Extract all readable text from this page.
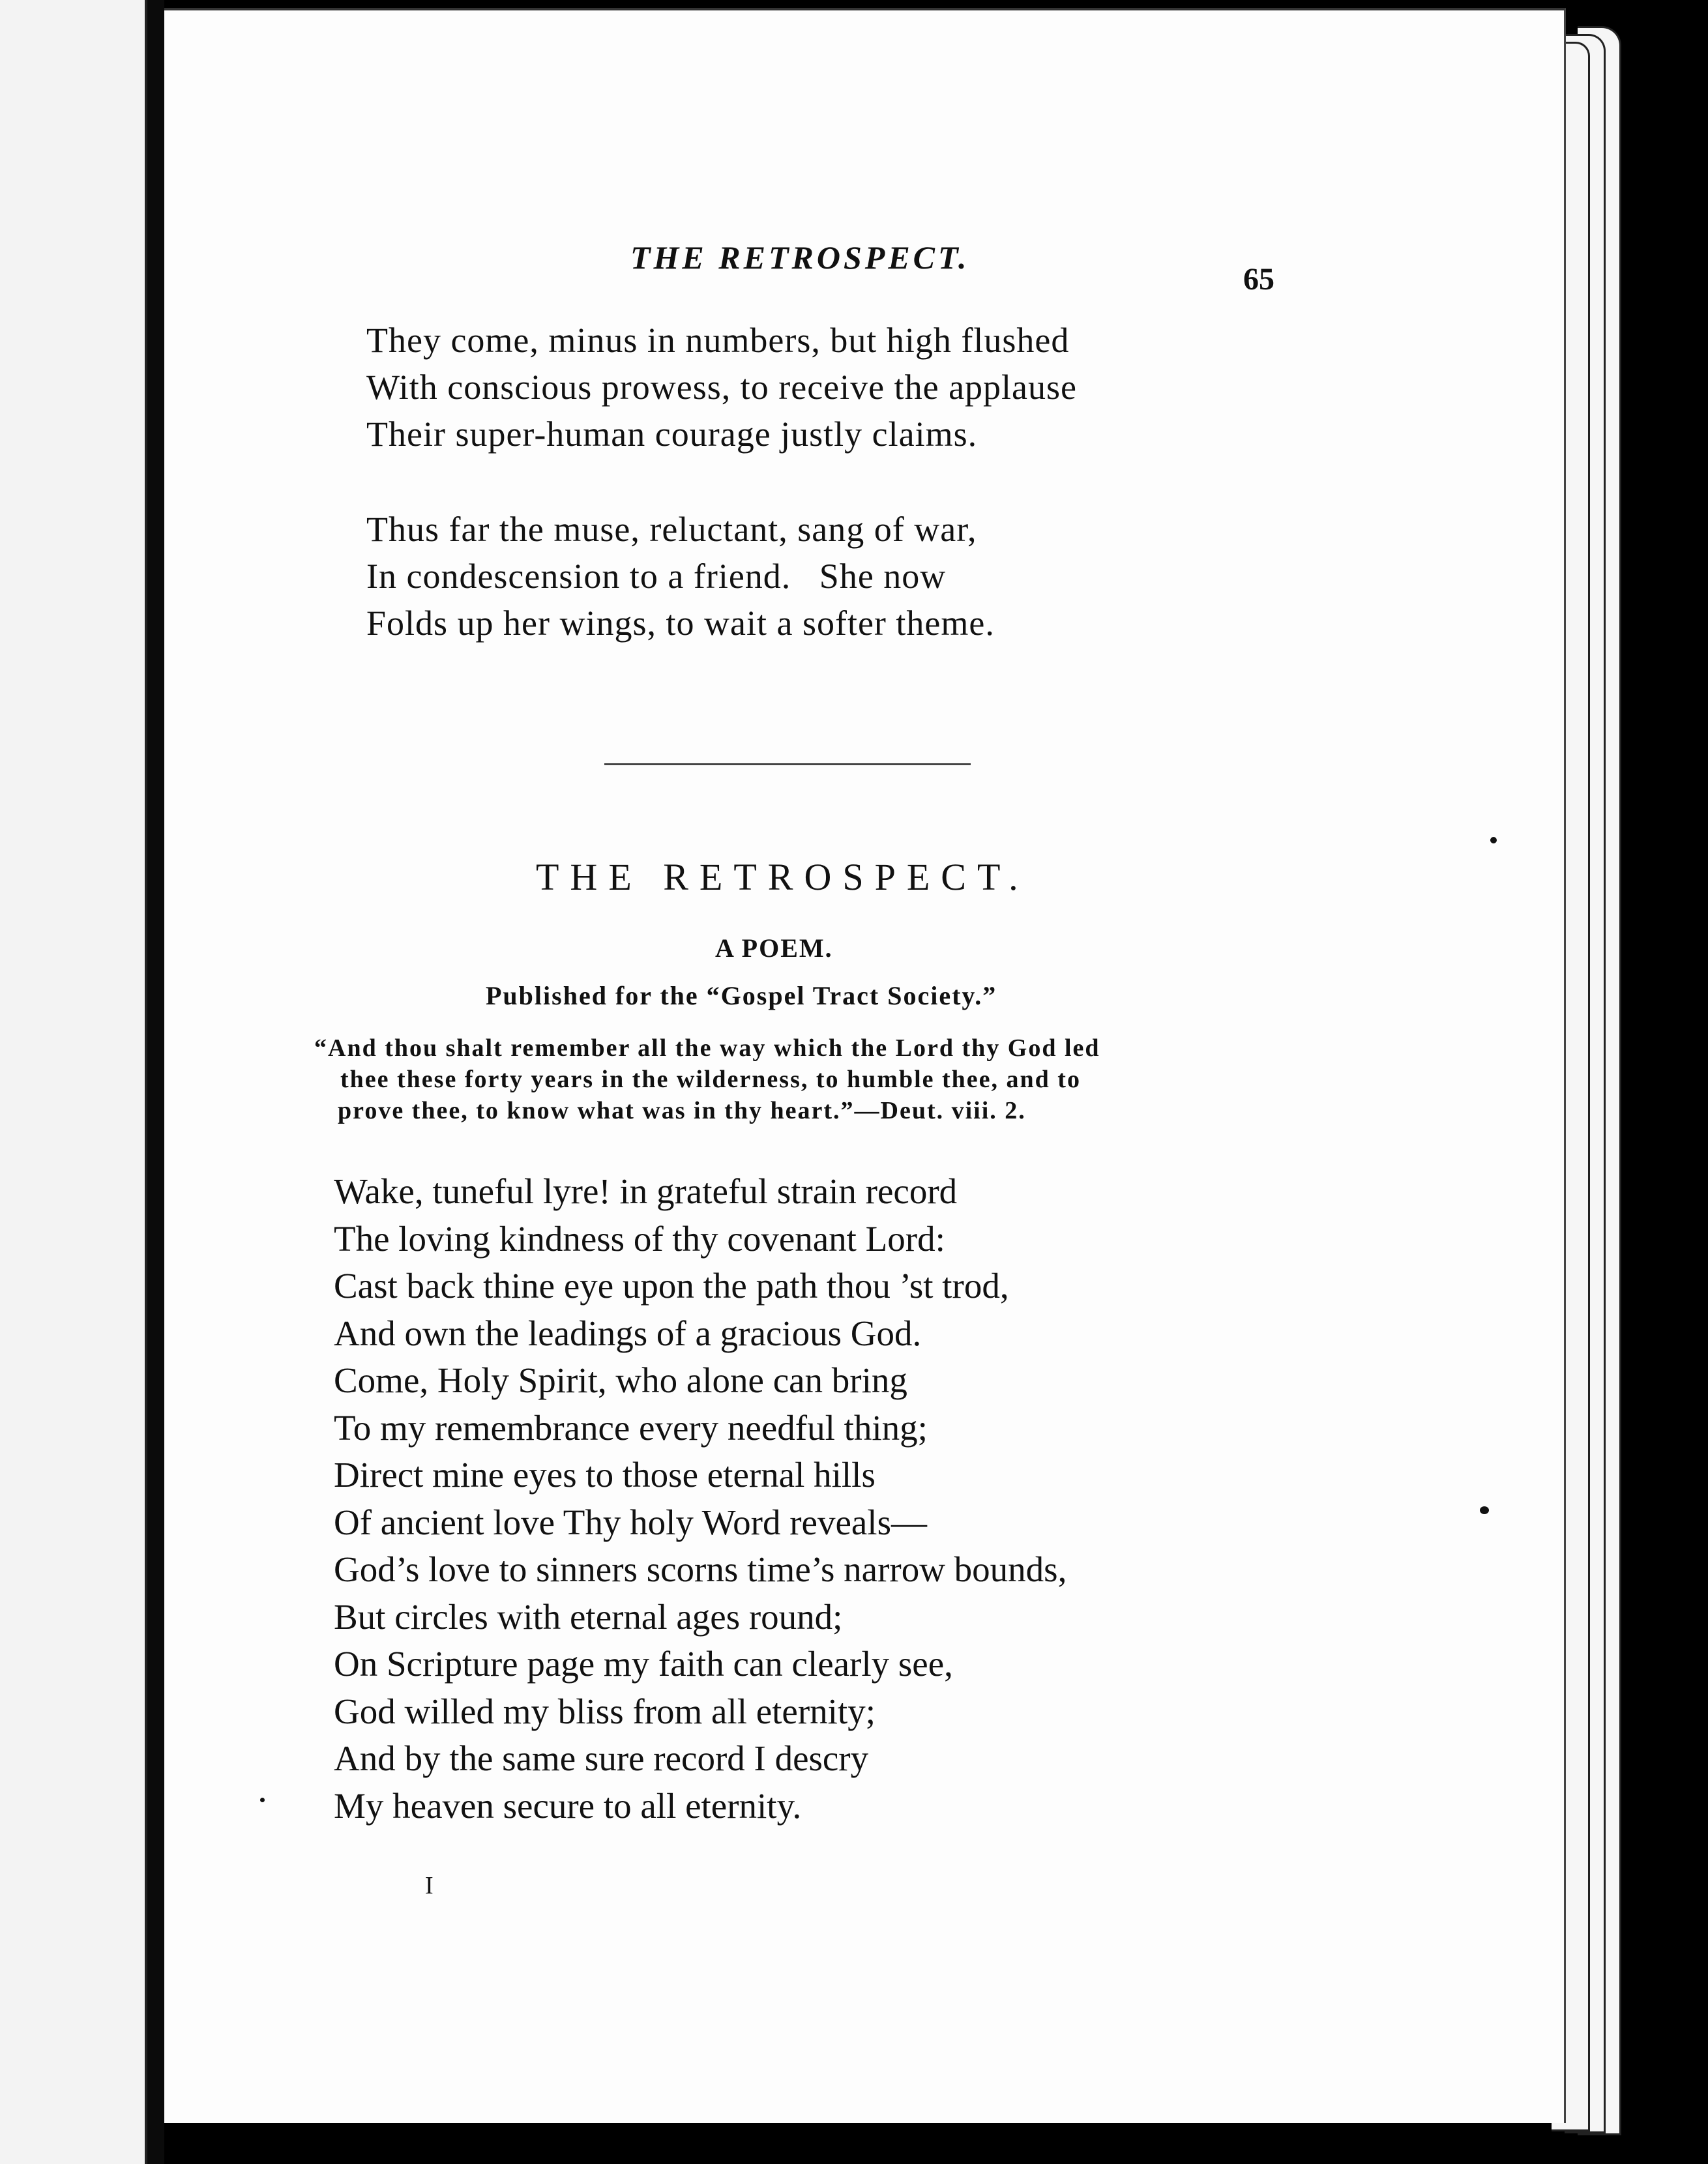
THE RETROSPECT.

65

They come, minus in numbers, but high flushed
With conscious prowess, to receive the applause
Their super-human courage justly claims.
Thus far the muse, reluctant, sang of war,
In condescension to a friend.   She now
Folds up her wings, to wait a softer theme.

THE RETROSPECT.

A POEM.

Published for the “Gospel Tract Society.”

“And thou shalt remember all the way which the Lord thy God led
thee these forty years in the wilderness, to humble thee, and to
prove thee, to know what was in thy heart.”—Deut. viii. 2.
Wake, tuneful lyre! in grateful strain record
The loving kindness of thy covenant Lord:
Cast back thine eye upon the path thou ’st trod,
And own the leadings of a gracious God.
Come, Holy Spirit, who alone can bring
To my remembrance every needful thing;
Direct mine eyes to those eternal hills
Of ancient love Thy holy Word reveals—
God’s love to sinners scorns time’s narrow bounds,
But circles with eternal ages round;
On Scripture page my faith can clearly see,
God willed my bliss from all eternity;
And by the same sure record I descry
My heaven secure to all eternity.

I
